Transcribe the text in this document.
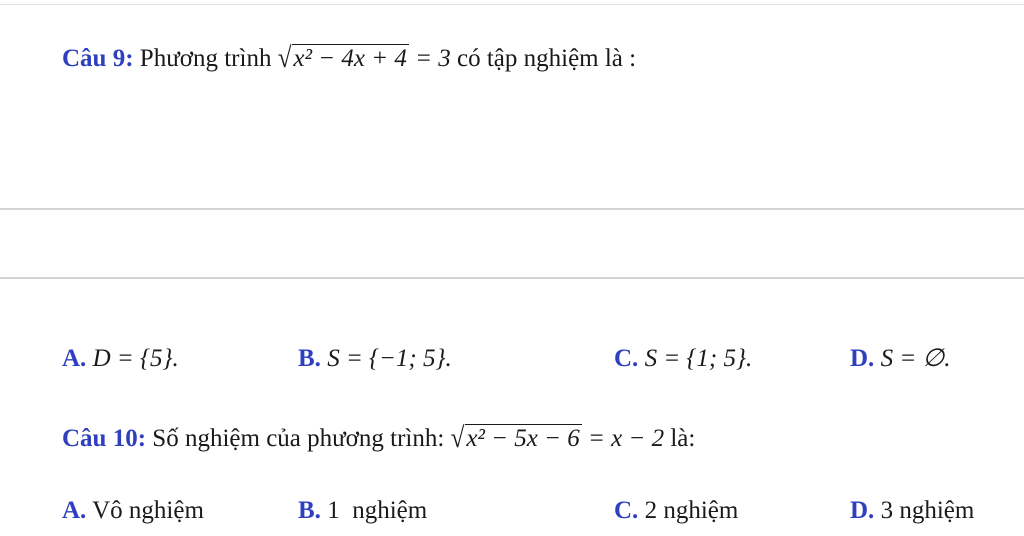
Câu 9: Phương trình √x² − 4x + 4 = 3 có tập nghiệm là :
A. D = {5}.	B. S = {−1; 5}.	C. S = {1; 5}.	D. S = ∅.
Câu 10: Số nghiệm của phương trình: √x² − 5x − 6 = x − 2 là:
A. Vô nghiệm	B. 1  nghiệm	C. 2 nghiệm	D. 3 nghiệm
